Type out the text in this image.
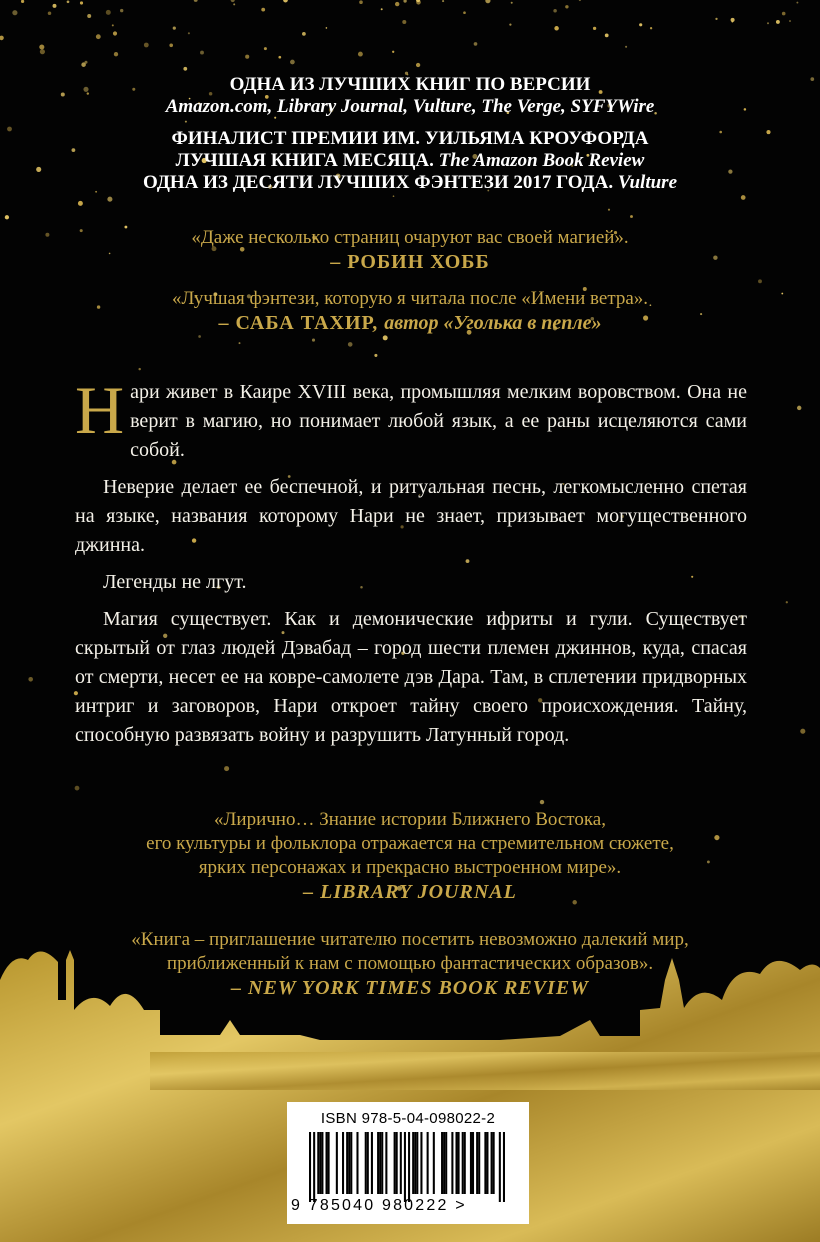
ОДНА ИЗ ЛУЧШИХ КНИГ ПО ВЕРСИИ
Amazon.com, Library Journal, Vulture, The Verge, SYFYWire
ФИНАЛИСТ ПРЕМИИ ИМ. УИЛЬЯМА КРОУФОРДА
ЛУЧШАЯ КНИГА МЕСЯЦА. The Amazon Book Review
ОДНА ИЗ ДЕСЯТИ ЛУЧШИХ ФЭНТЕЗИ 2017 ГОДА. Vulture
«Даже несколько страниц очаруют вас своей магией».
– РОБИН ХОББ
«Лучшая фэнтези, которую я читала после «Имени ветра».
– САБА ТАХИР, автор «Уголька в пепле»

Нари живет в Каире XVIII века, промышляя мелким воровством. Она не верит в магию, но понимает любой язык, а ее раны исцеляются сами собой.

Неверие делает ее беспечной, и ритуальная песнь, легкомысленно спетая на языке, названия которому Нари не знает, призывает могущественного джинна.

Легенды не лгут.

Магия существует. Как и демонические ифриты и гули. Существует скрытый от глаз людей Дэвабад – город шести племен джиннов, куда, спасая от смерти, несет ее на ковре-самолете дэв Дара. Там, в сплетении придворных интриг и заговоров, Нари откроет тайну своего происхождения. Тайну, способную развязать войну и разрушить Латунный город.

«Лирично… Знание истории Ближнего Востока,
его культуры и фольклора отражается на стремительном сюжете,
ярких персонажах и прекрасно выстроенном мире».
– LIBRARY JOURNAL
«Книга – приглашение читателю посетить невозможно далекий мир,
приближенный к нам с помощью фантастических образов».
– NEW YORK TIMES BOOK REVIEW
ISBN 978-5-04-098022-2
9 785040 980222 >
